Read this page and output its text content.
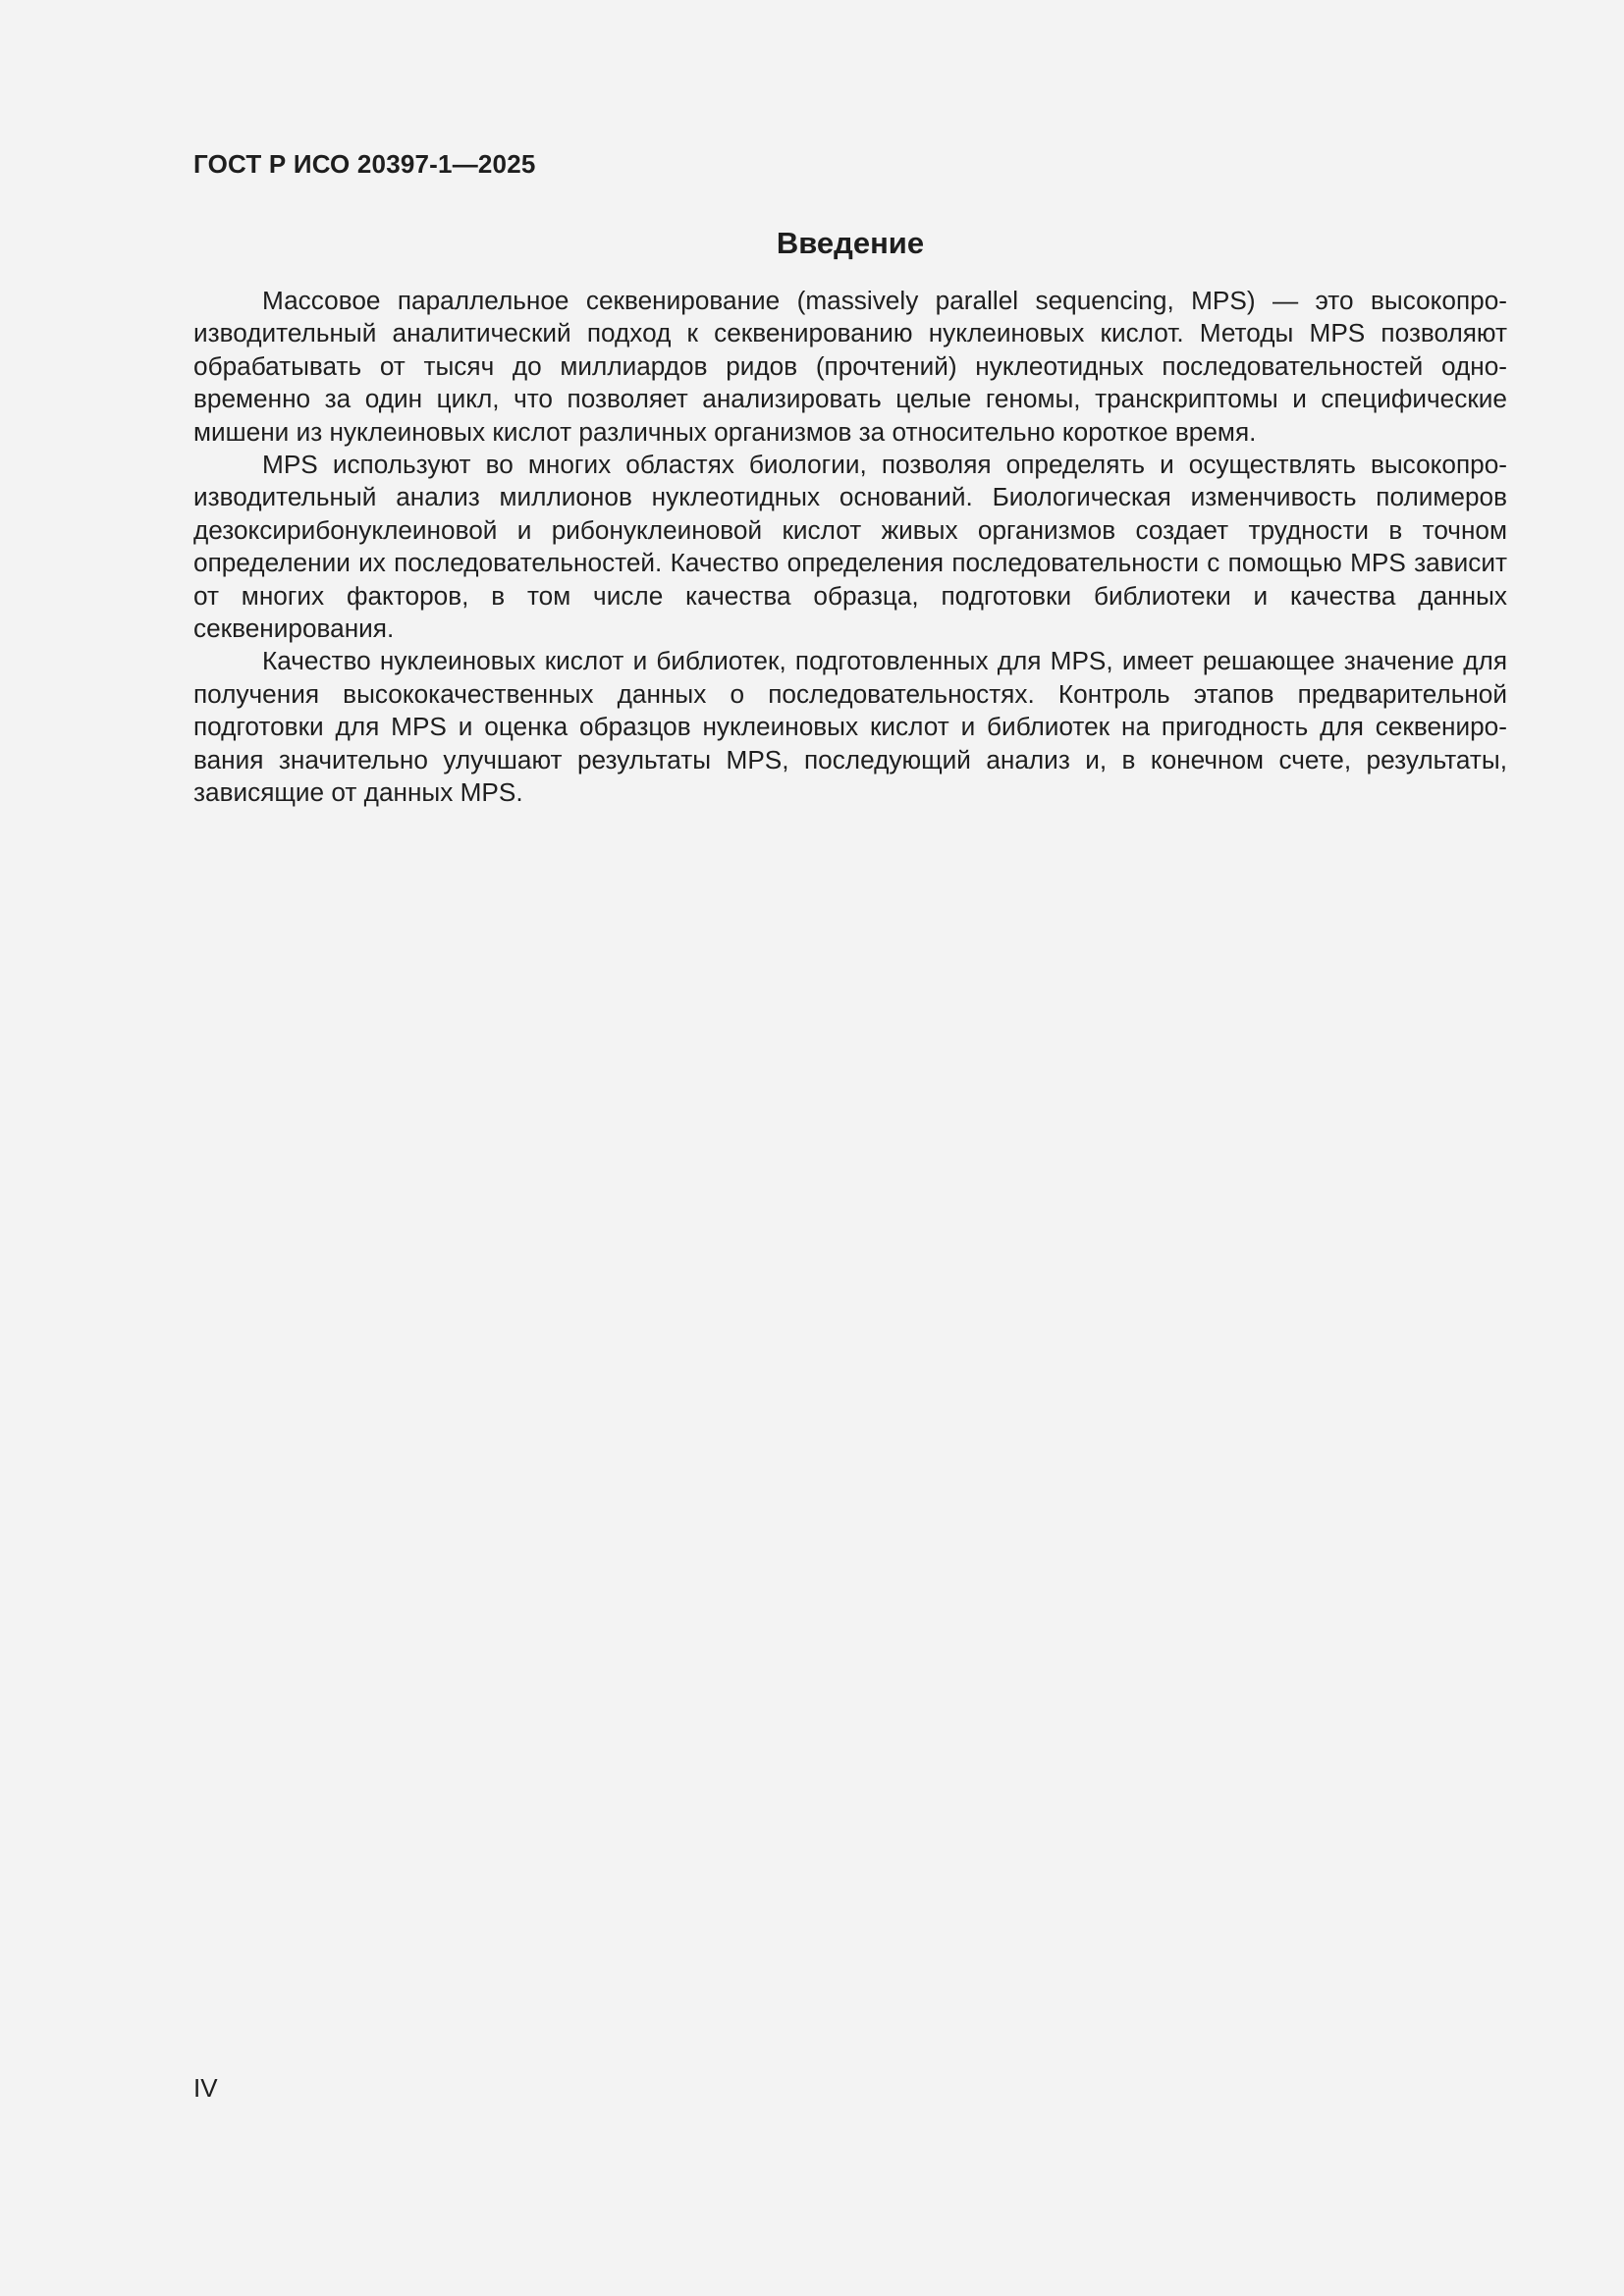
ГОСТ Р ИСО 20397-1—2025
Введение

Массовое параллельное секвенирование (massively parallel sequencing, MPS) — это высокопроизводительный аналитический подход к секвенированию нуклеиновых кислот. Методы MPS позволяют обрабатывать от тысяч до миллиардов ридов (прочтений) нуклеотидных последовательностей одновременно за один цикл, что позволяет анализировать целые геномы, транскриптомы и специфические мишени из нуклеиновых кислот различных организмов за относительно короткое время.

MPS используют во многих областях биологии, позволяя определять и осуществлять высокопроизводительный анализ миллионов нуклеотидных оснований. Биологическая изменчивость полимеров дезоксирибонуклеиновой и рибонуклеиновой кислот живых организмов создает трудности в точном определении их последовательностей. Качество определения последовательности с помощью MPS зависит от многих факторов, в том числе качества образца, подготовки библиотеки и качества данных секвенирования.

Качество нуклеиновых кислот и библиотек, подготовленных для MPS, имеет решающее значение для получения высококачественных данных о последовательностях. Контроль этапов предварительной подготовки для MPS и оценка образцов нуклеиновых кислот и библиотек на пригодность для секвенирования значительно улучшают результаты MPS, последующий анализ и, в конечном счете, результаты, зависящие от данных MPS.

IV
